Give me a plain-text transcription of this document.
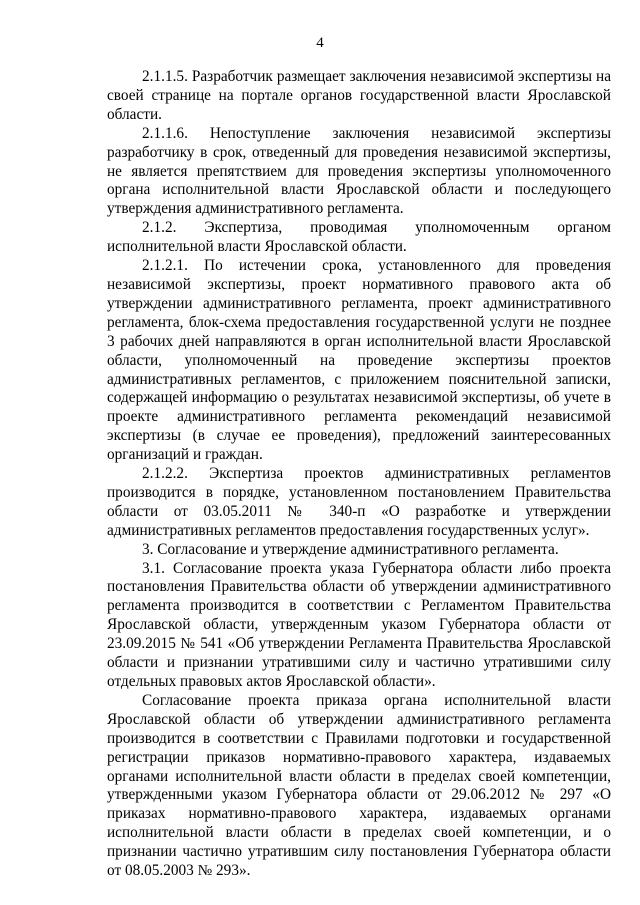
4

2.1.1.5. Разработчик размещает заключения независимой экспертизы на своей странице на портале органов государственной власти Ярославской области.

2.1.1.6. Непоступление заключения независимой экспертизы разработчику в срок, отведенный для проведения независимой экспертизы, не является препятствием для проведения экспертизы уполномоченного органа исполнительной власти Ярославской области и последующего утверждения административного регламента.

2.1.2. Экспертиза, проводимая уполномоченным органом исполнительной власти Ярославской области.

2.1.2.1. По истечении срока, установленного для проведения независимой экспертизы, проект нормативного правового акта об утверждении административного регламента, проект административного регламента, блок-схема предоставления государственной услуги не позднее 3 рабочих дней направляются в орган исполнительной власти Ярославской области, уполномоченный на проведение экспертизы проектов административных регламентов, с приложением пояснительной записки, содержащей информацию о результатах независимой экспертизы, об учете в проекте административного регламента рекомендаций независимой экспертизы (в случае ее проведения), предложений заинтересованных организаций и граждан.

2.1.2.2. Экспертиза проектов административных регламентов производится в порядке, установленном постановлением Правительства области от 03.05.2011 № 340-п «О разработке и утверждении административных регламентов предоставления государственных услуг».

3. Согласование и утверждение административного регламента.

3.1. Согласование проекта указа Губернатора области либо проекта постановления Правительства области об утверждении административного регламента производится в соответствии с Регламентом Правительства Ярославской области, утвержденным указом Губернатора области от 23.09.2015 № 541 «Об утверждении Регламента Правительства Ярославской области и признании утратившими силу и частично утратившими силу отдельных правовых актов Ярославской области».

Согласование проекта приказа органа исполнительной власти Ярославской области об утверждении административного регламента производится в соответствии с Правилами подготовки и государственной регистрации приказов нормативно-правового характера, издаваемых органами исполнительной власти области в пределах своей компетенции, утвержденными указом Губернатора области от 29.06.2012 № 297 «О приказах нормативно-правового характера, издаваемых органами исполнительной власти области в пределах своей компетенции, и о признании частично утратившим силу постановления Губернатора области от 08.05.2003 № 293».
